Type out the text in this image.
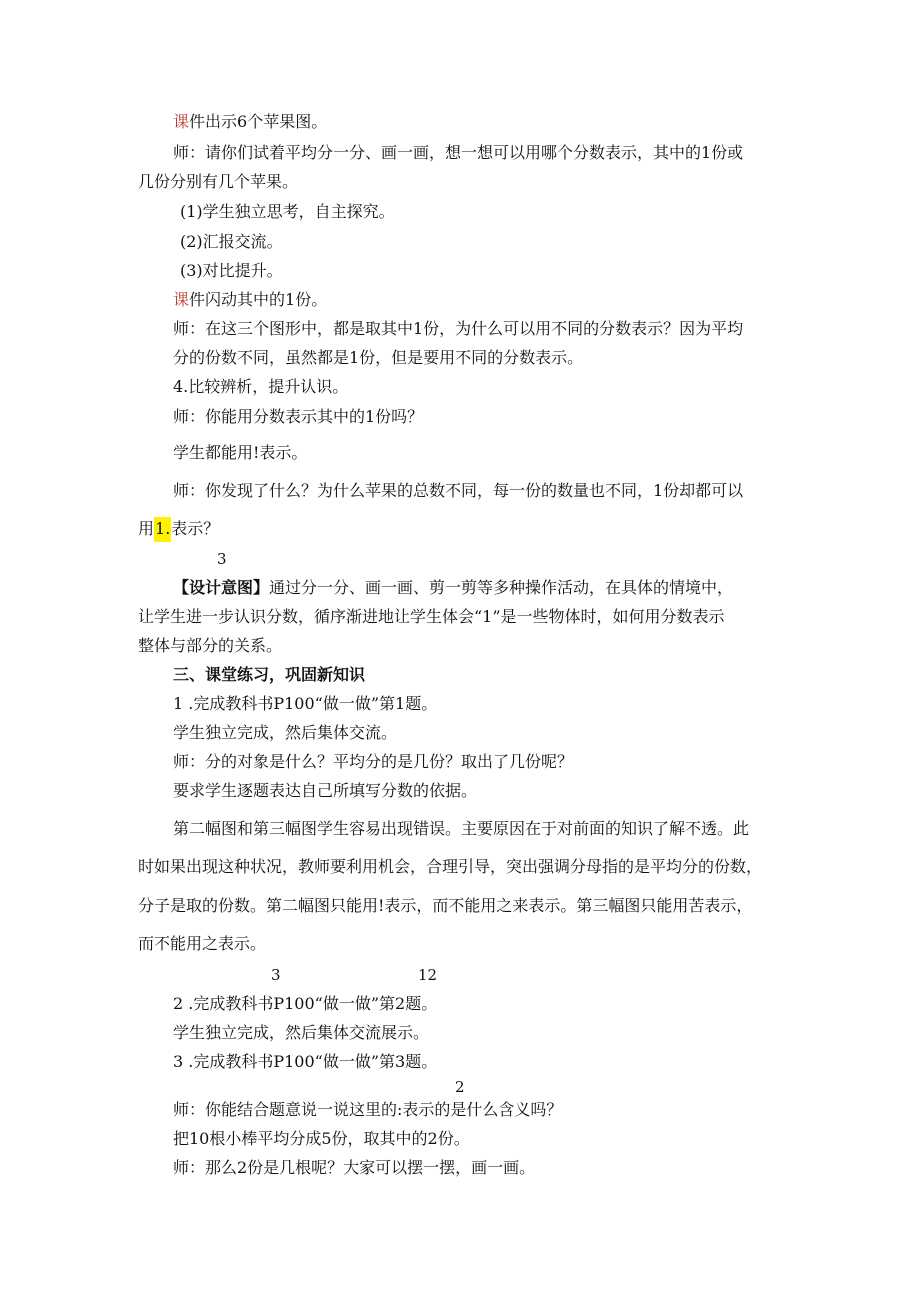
课件出示6个苹果图。
师：请你们试着平均分一分、画一画，想一想可以用哪个分数表示，其中的1份或
几份分别有几个苹果。
(1)学生独立思考，自主探究。
(2)汇报交流。
(3)对比提升。
课件闪动其中的1份。
师：在这三个图形中，都是取其中1份，为什么可以用不同的分数表示？因为平均
分的份数不同，虽然都是1份，但是要用不同的分数表示。
4.比较辨析，提升认识。
师：你能用分数表示其中的1份吗？
学生都能用!表示。
师：你发现了什么？为什么苹果的总数不同，每一份的数量也不同，1份却都可以
用1.表示？
3
【设计意图】通过分一分、画一画、剪一剪等多种操作活动，在具体的情境中，
让学生进一步认识分数，循序渐进地让学生体会“1”是一些物体时，如何用分数表示
整体与部分的关系。
三、课堂练习，巩固新知识
1 .完成教科书P100“做一做”第1题。
学生独立完成，然后集体交流。
师：分的对象是什么？平均分的是几份？取出了几份呢？
要求学生逐题表达自己所填写分数的依据。
第二幅图和第三幅图学生容易出现错误。主要原因在于对前面的知识了解不透。此
时如果出现这种状况，教师要利用机会，合理引导，突出强调分母指的是平均分的份数，
分子是取的份数。第二幅图只能用!表示，而不能用之来表示。第三幅图只能用苦表示，
而不能用之表示。
3	12
2 .完成教科书P100“做一做”第2题。
学生独立完成，然后集体交流展示。
3 .完成教科书P100“做一做”第3题。
2
师：你能结合题意说一说这里的:表示的是什么含义吗？
把10根小棒平均分成5份，取其中的2份。
师：那么2份是几根呢？大家可以摆一摆，画一画。
